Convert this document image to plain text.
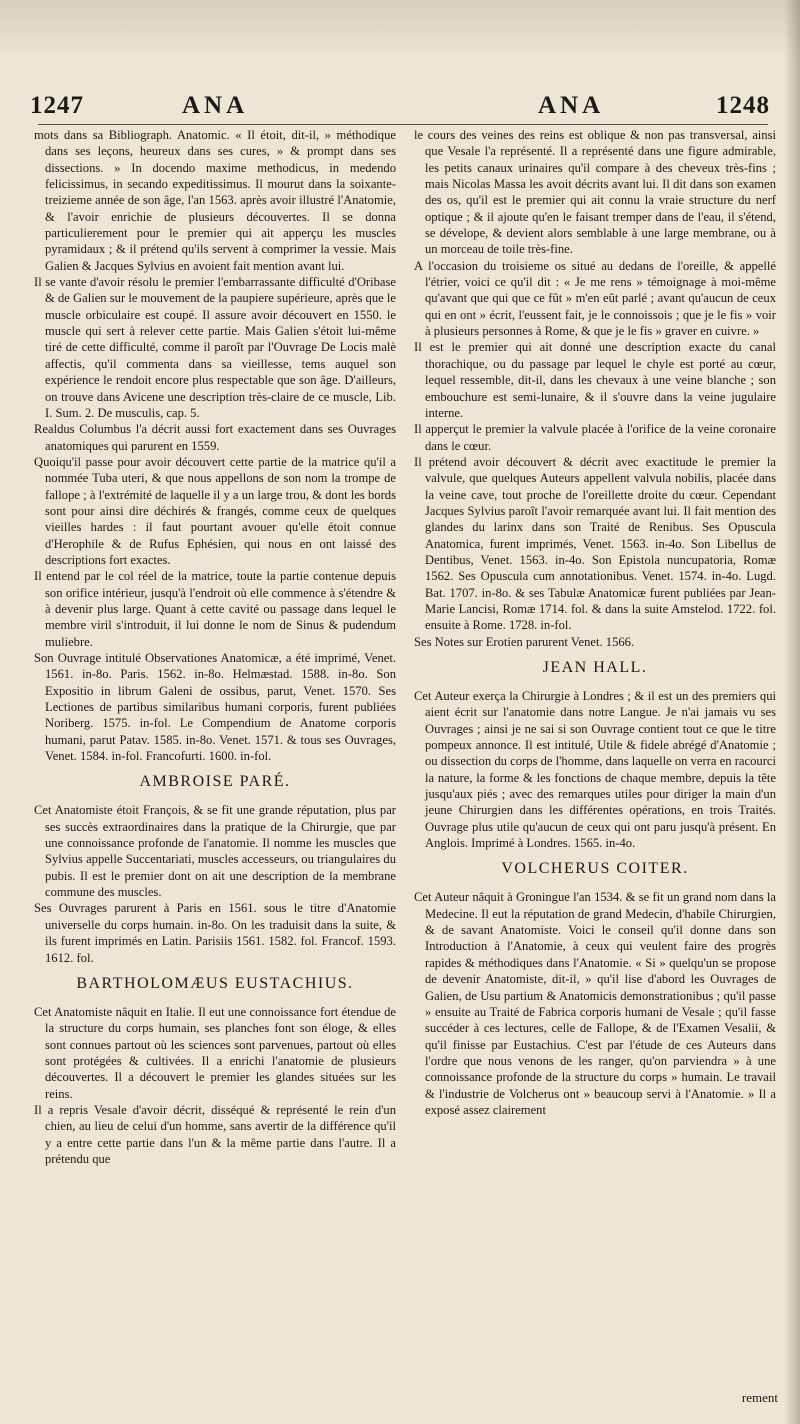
1247	ANA	ANA	1248

mots dans sa Bibliograph. Anatomic. « Il étoit, dit-il, » méthodique dans ses leçons, heureux dans ses cures, » & prompt dans ses dissections. » In docendo maxime methodicus, in medendo felicissimus, in secando expeditissimus. Il mourut dans la soixante-treizieme année de son âge, l'an 1563. après avoir illustré l'Anatomie, & l'avoir enrichie de plusieurs découvertes. Il se donna particulierement pour le premier qui ait apperçu les muscles pyramidaux ; & il prétend qu'ils servent à comprimer la vessie. Mais Galien & Jacques Sylvius en avoient fait mention avant lui.

Il se vante d'avoir résolu le premier l'embarrassante difficulté d'Oribase & de Galien sur le mouvement de la paupiere supérieure, après que le muscle orbiculaire est coupé. Il assure avoir découvert en 1550. le muscle qui sert à relever cette partie. Mais Galien s'étoit lui-même tiré de cette difficulté, comme il paroît par l'Ouvrage De Locis malè affectis, qu'il commenta dans sa vieillesse, tems auquel son expérience le rendoit encore plus respectable que son âge. D'ailleurs, on trouve dans Avicene une description très-claire de ce muscle, Lib. I. Sum. 2. De musculis, cap. 5.

Realdus Columbus l'a décrit aussi fort exactement dans ses Ouvrages anatomiques qui parurent en 1559.

Quoiqu'il passe pour avoir découvert cette partie de la matrice qu'il a nommée Tuba uteri, & que nous appellons de son nom la trompe de fallope ; à l'extrémité de laquelle il y a un large trou, & dont les bords sont pour ainsi dire déchirés & frangés, comme ceux de quelques vieilles hardes : il faut pourtant avouer qu'elle étoit connue d'Herophile & de Rufus Ephésien, qui nous en ont laissé des descriptions fort exactes.

Il entend par le col réel de la matrice, toute la partie contenue depuis son orifice intérieur, jusqu'à l'endroit où elle commence à s'étendre & à devenir plus large. Quant à cette cavité ou passage dans lequel le membre viril s'introduit, il lui donne le nom de Sinus & pudendum muliebre.

Son Ouvrage intitulé Observationes Anatomicæ, a été imprimé, Venet. 1561. in-8o. Paris. 1562. in-8o. Helmæstad. 1588. in-8o. Son Expositio in librum Galeni de ossibus, parut, Venet. 1570. Ses Lectiones de partibus similaribus humani corporis, furent publiées Noriberg. 1575. in-fol. Le Compendium de Anatome corporis humani, parut Patav. 1585. in-8o. Venet. 1571. & tous ses Ouvrages, Venet. 1584. in-fol. Francofurti. 1600. in-fol.

AMBROISE PARÉ.

Cet Anatomiste étoit François, & se fit une grande réputation, plus par ses succès extraordinaires dans la pratique de la Chirurgie, que par une connoissance profonde de l'anatomie. Il nomme les muscles que Sylvius appelle Succentariati, muscles accesseurs, ou triangulaires du pubis. Il est le premier dont on ait une description de la membrane commune des muscles.

Ses Ouvrages parurent à Paris en 1561. sous le titre d'Anatomie universelle du corps humain. in-8o. On les traduisit dans la suite, & ils furent imprimés en Latin. Parisiis 1561. 1582. fol. Francof. 1593. 1612. fol.

BARTHOLOMÆUS EUSTACHIUS.

Cet Anatomiste nâquit en Italie. Il eut une connoissance fort étendue de la structure du corps humain, ses planches font son éloge, & elles sont connues partout où les sciences sont parvenues, partout où elles sont protégées & cultivées. Il a enrichi l'anatomie de plusieurs découvertes. Il a découvert le premier les glandes situées sur les reins.

Il a repris Vesale d'avoir décrit, disséqué & représenté le rein d'un chien, au lieu de celui d'un homme, sans avertir de la différence qu'il y a entre cette partie dans l'un & la même partie dans l'autre. Il a prétendu que

le cours des veines des reins est oblique & non pas transversal, ainsi que Vesale l'a représenté. Il a représenté dans une figure admirable, les petits canaux urinaires qu'il compare à des cheveux très-fins ; mais Nicolas Massa les avoit décrits avant lui. Il dit dans son examen des os, qu'il est le premier qui ait connu la vraie structure du nerf optique ; & il ajoute qu'en le faisant tremper dans de l'eau, il s'étend, se dévelope, & devient alors semblable à une large membrane, ou à un morceau de toile très-fine.

A l'occasion du troisieme os situé au dedans de l'oreille, & appellé l'étrier, voici ce qu'il dit : « Je me rens » témoignage à moi-même qu'avant que qui que ce fût » m'en eût parlé ; avant qu'aucun de ceux qui en ont » écrit, l'eussent fait, je le connoissois ; que je le fis » voir à plusieurs personnes à Rome, & que je le fis » graver en cuivre. »

Il est le premier qui ait donné une description exacte du canal thorachique, ou du passage par lequel le chyle est porté au cœur, lequel ressemble, dit-il, dans les chevaux à une veine blanche ; son embouchure est semi-lunaire, & il s'ouvre dans la veine jugulaire interne.

Il apperçut le premier la valvule placée à l'orifice de la veine coronaire dans le cœur.

Il prétend avoir découvert & décrit avec exactitude le premier la valvule, que quelques Auteurs appellent valvula nobilis, placée dans la veine cave, tout proche de l'oreillette droite du cœur. Cependant Jacques Sylvius paroît l'avoir remarquée avant lui. Il fait mention des glandes du larinx dans son Traité de Renibus. Ses Opuscula Anatomica, furent imprimés, Venet. 1563. in-4o. Son Libellus de Dentibus, Venet. 1563. in-4o. Son Epistola nuncupatoria, Romæ 1562. Ses Opuscula cum annotationibus. Venet. 1574. in-4o. Lugd. Bat. 1707. in-8o. & ses Tabulæ Anatomicæ furent publiées par Jean-Marie Lancisi, Romæ 1714. fol. & dans la suite Amstelod. 1722. fol. ensuite à Rome. 1728. in-fol.

Ses Notes sur Erotien parurent Venet. 1566.

JEAN HALL.

Cet Auteur exerça la Chirurgie à Londres ; & il est un des premiers qui aient écrit sur l'anatomie dans notre Langue. Je n'ai jamais vu ses Ouvrages ; ainsi je ne sai si son Ouvrage contient tout ce que le titre pompeux annonce. Il est intitulé, Utile & fidele abrégé d'Anatomie ; ou dissection du corps de l'homme, dans laquelle on verra en racourci la nature, la forme & les fonctions de chaque membre, depuis la tête jusqu'aux piés ; avec des remarques utiles pour diriger la main d'un jeune Chirurgien dans les différentes opérations, en trois Traités. Ouvrage plus utile qu'aucun de ceux qui ont paru jusqu'à présent. En Anglois. Imprimé à Londres. 1565. in-4o.

VOLCHERUS COITER.

Cet Auteur nâquit à Groningue l'an 1534. & se fit un grand nom dans la Medecine. Il eut la réputation de grand Medecin, d'habile Chirurgien, & de savant Anatomiste. Voici le conseil qu'il donne dans son Introduction à l'Anatomie, à ceux qui veulent faire des progrès rapides & méthodiques dans l'Anatomie. « Si » quelqu'un se propose de devenir Anatomiste, dit-il, » qu'il lise d'abord les Ouvrages de Galien, de Usu partium & Anatomicis demonstrationibus ; qu'il passe » ensuite au Traité de Fabrica corporis humani de Vesale ; qu'il fasse succéder à ces lectures, celle de Fallope, & de l'Examen Vesalii, & qu'il finisse par Eustachius. C'est par l'étude de ces Auteurs dans l'ordre que nous venons de les ranger, qu'on parviendra » à une connoissance profonde de la structure du corps » humain. Le travail & l'industrie de Volcherus ont » beaucoup servi à l'Anatomie. » Il a exposé assez clairement

rement
